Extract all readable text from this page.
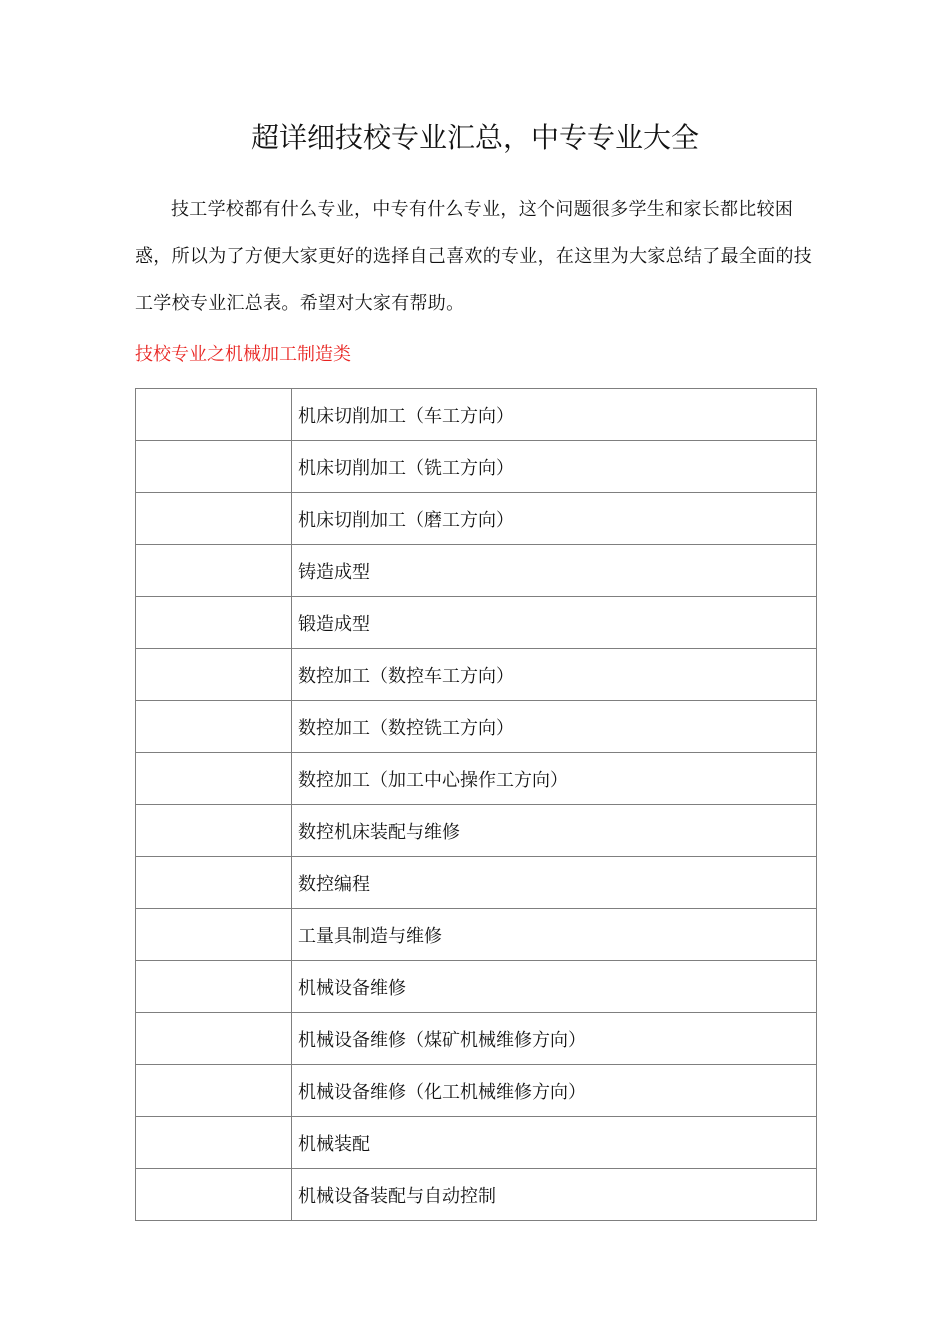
超详细技校专业汇总，中专专业大全

技工学校都有什么专业，中专有什么专业，这个问题很多学生和家长都比较困惑，所以为了方便大家更好的选择自己喜欢的专业，在这里为大家总结了最全面的技工学校专业汇总表。希望对大家有帮助。

技校专业之机械加工制造类
	机床切削加工（车工方向）
	机床切削加工（铣工方向）
	机床切削加工（磨工方向）
	铸造成型
	锻造成型
	数控加工（数控车工方向）
	数控加工（数控铣工方向）
	数控加工（加工中心操作工方向）
	数控机床装配与维修
	数控编程
	工量具制造与维修
	机械设备维修
	机械设备维修（煤矿机械维修方向）
	机械设备维修（化工机械维修方向）
	机械装配
	机械设备装配与自动控制
